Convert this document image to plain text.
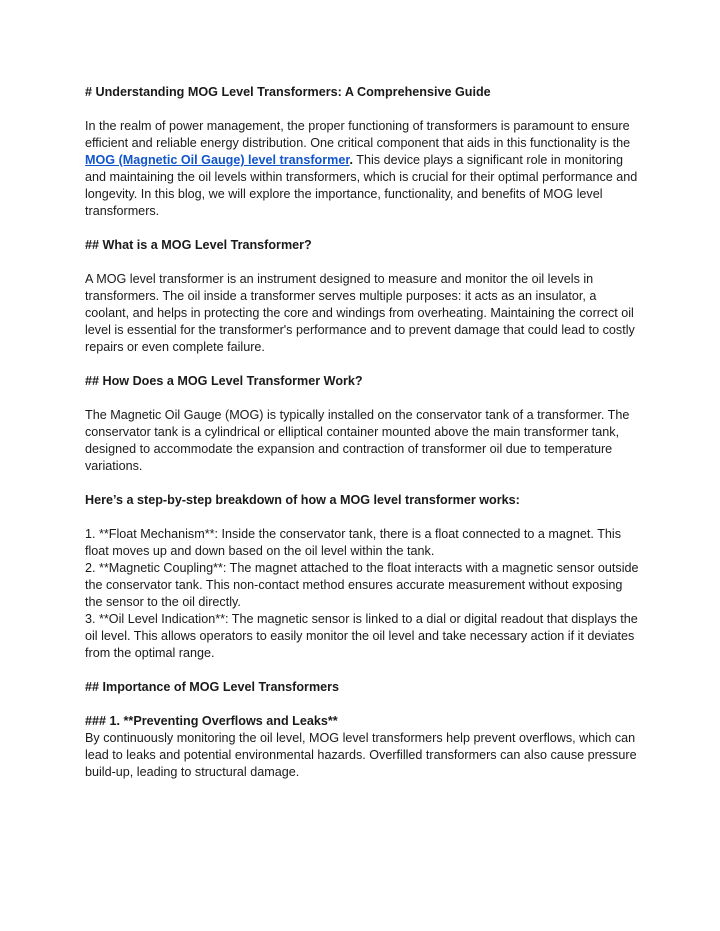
# Understanding MOG Level Transformers: A Comprehensive Guide

In the realm of power management, the proper functioning of transformers is paramount to ensure efficient and reliable energy distribution. One critical component that aids in this functionality is the MOG (Magnetic Oil Gauge) level transformer. This device plays a significant role in monitoring and maintaining the oil levels within transformers, which is crucial for their optimal performance and longevity. In this blog, we will explore the importance, functionality, and benefits of MOG level transformers.

## What is a MOG Level Transformer?

A MOG level transformer is an instrument designed to measure and monitor the oil levels in transformers. The oil inside a transformer serves multiple purposes: it acts as an insulator, a coolant, and helps in protecting the core and windings from overheating. Maintaining the correct oil level is essential for the transformer's performance and to prevent damage that could lead to costly repairs or even complete failure.

## How Does a MOG Level Transformer Work?

The Magnetic Oil Gauge (MOG) is typically installed on the conservator tank of a transformer. The conservator tank is a cylindrical or elliptical container mounted above the main transformer tank, designed to accommodate the expansion and contraction of transformer oil due to temperature variations.

Here’s a step-by-step breakdown of how a MOG level transformer works:

1. **Float Mechanism**: Inside the conservator tank, there is a float connected to a magnet. This float moves up and down based on the oil level within the tank.

2. **Magnetic Coupling**: The magnet attached to the float interacts with a magnetic sensor outside the conservator tank. This non-contact method ensures accurate measurement without exposing the sensor to the oil directly.

3. **Oil Level Indication**: The magnetic sensor is linked to a dial or digital readout that displays the oil level. This allows operators to easily monitor the oil level and take necessary action if it deviates from the optimal range.

## Importance of MOG Level Transformers

### 1. **Preventing Overflows and Leaks**

By continuously monitoring the oil level, MOG level transformers help prevent overflows, which can lead to leaks and potential environmental hazards. Overfilled transformers can also cause pressure build-up, leading to structural damage.
